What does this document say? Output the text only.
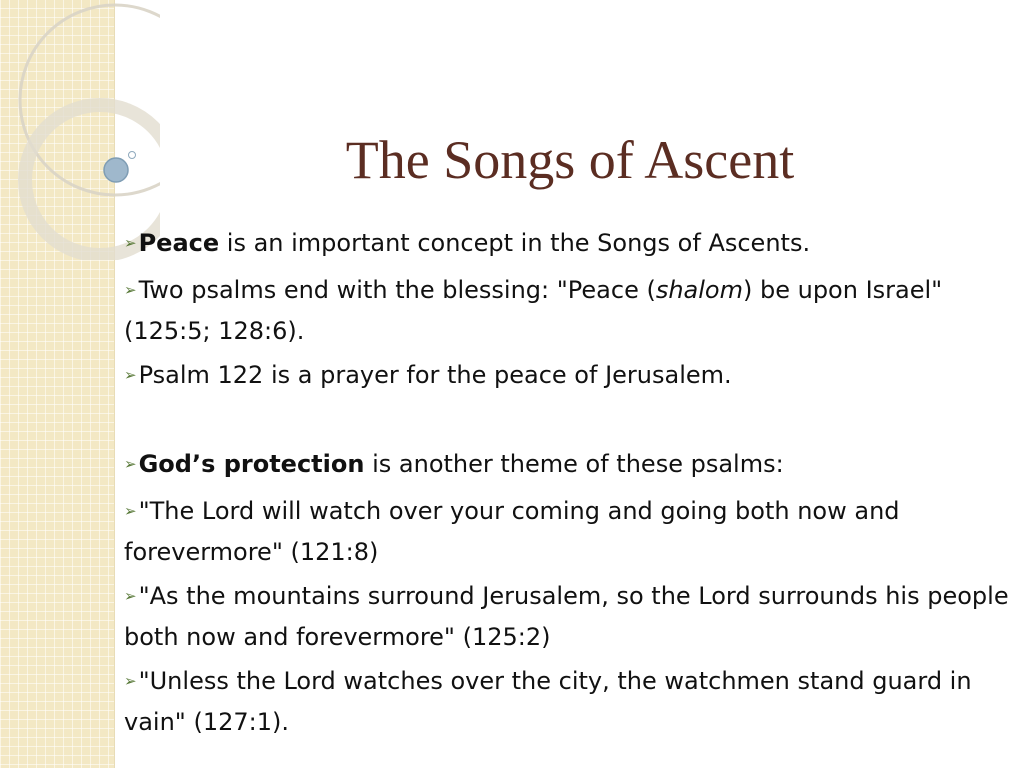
The Songs of Ascent

➢Peace is an important concept in the Songs of Ascents.

➢Two psalms end with the blessing: "Peace (shalom) be upon Israel" (125:5; 128:6).

➢Psalm 122 is a prayer for the peace of Jerusalem.

➢God’s protection is another theme of these psalms:

➢"The Lord will watch over your coming and going both now and forevermore" (121:8)

➢"As the mountains surround Jerusalem, so the Lord surrounds his people both now and forevermore" (125:2)

➢"Unless the Lord watches over the city, the watchmen stand guard in vain" (127:1).
